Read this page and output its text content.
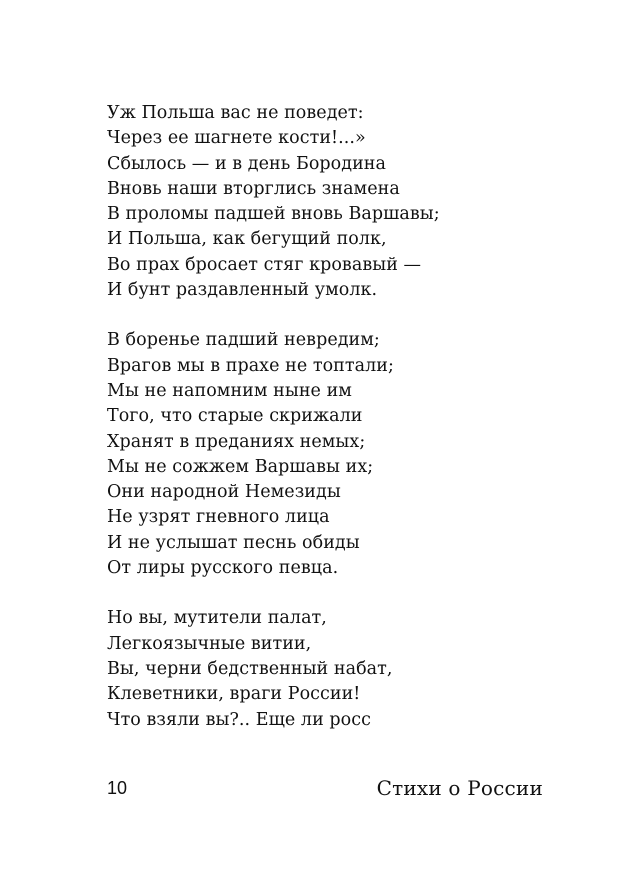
Уж Польша вас не поведет:
Через ее шагнете кости!...»
Сбылось — и в день Бородина
Вновь наши вторглись знамена
В проломы падшей вновь Варшавы;
И Польша, как бегущий полк,
Во прах бросает стяг кровавый —
И бунт раздавленный умолк.
В боренье падший невредим;
Врагов мы в прахе не топтали;
Мы не напомним ныне им
Того, что старые скрижали
Хранят в преданиях немых;
Мы не сожжем Варшавы их;
Они народной Немезиды
Не узрят гневного лица
И не услышат песнь обиды
От лиры русского певца.
Но вы, мутители палат,
Легкоязычные витии,
Вы, черни бедственный набат,
Клеветники, враги России!
Что взяли вы?.. Еще ли росс
10	Стихи о России
